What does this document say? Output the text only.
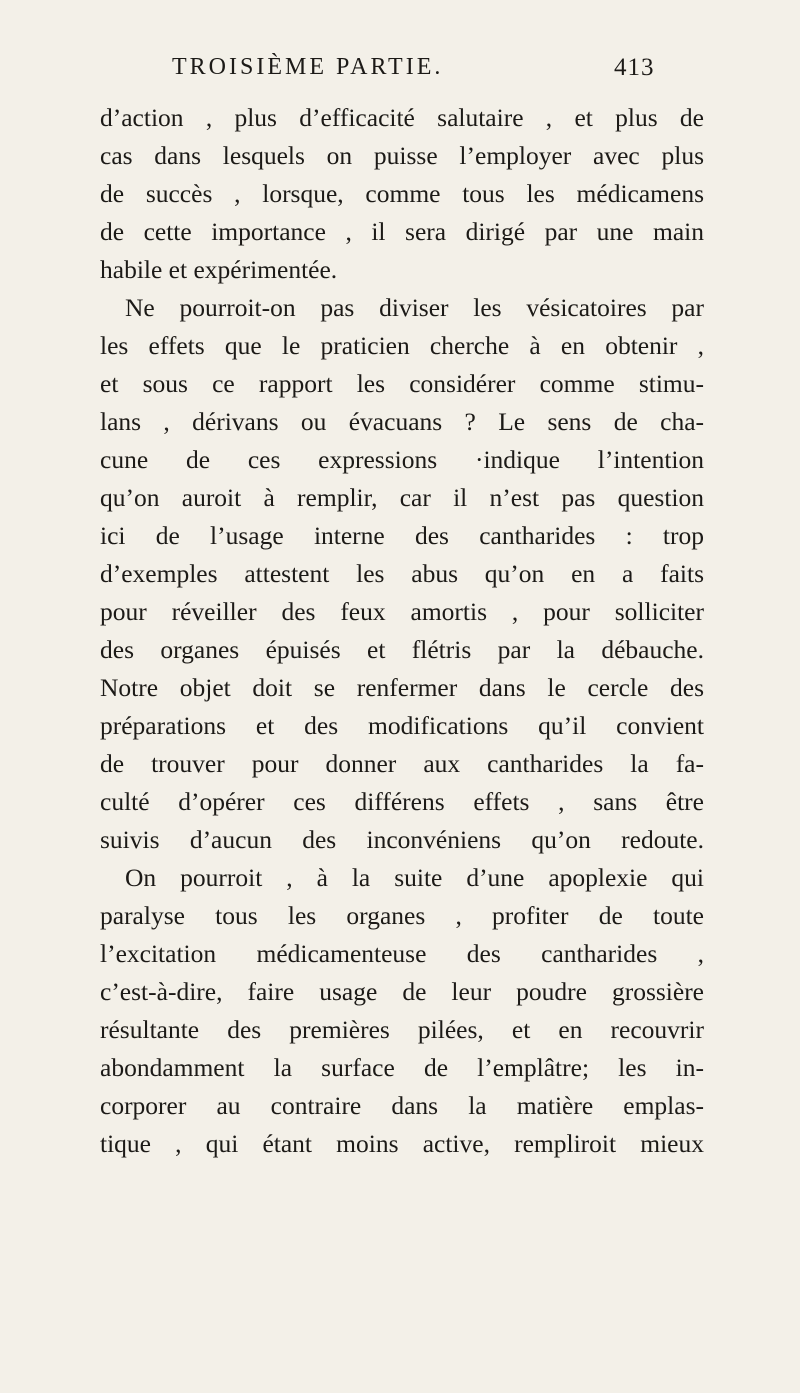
TROISIÈME PARTIE.	413
d’action , plus d’efficacité salutaire , et plus de
cas dans lesquels on puisse l’employer avec plus
de succès , lorsque, comme tous les médicamens
de cette importance , il sera dirigé par une main
habile et expérimentée.
Ne pourroit-on pas diviser les vésicatoires par
les effets que le praticien cherche à en obtenir ,
et sous ce rapport les considérer comme stimu-
lans , dérivans ou évacuans ? Le sens de cha-
cune de ces expressions ·indique l’intention
qu’on auroit à remplir, car il n’est pas question
ici de l’usage interne des cantharides : trop
d’exemples attestent les abus qu’on en a faits
pour réveiller des feux amortis , pour solliciter
des organes épuisés et flétris par la débauche.
Notre objet doit se renfermer dans le cercle des
préparations et des modifications qu’il convient
de trouver pour donner aux cantharides la fa-
culté d’opérer ces différens effets , sans être
suivis d’aucun des inconvéniens qu’on redoute.
On pourroit , à la suite d’une apoplexie qui
paralyse tous les organes , profiter de toute
l’excitation médicamenteuse des cantharides ,
c’est-à-dire, faire usage de leur poudre grossière
résultante des premières pilées, et en recouvrir
abondamment la surface de l’emplâtre; les in-
corporer au contraire dans la matière emplas-
tique , qui étant moins active, rempliroit mieux
